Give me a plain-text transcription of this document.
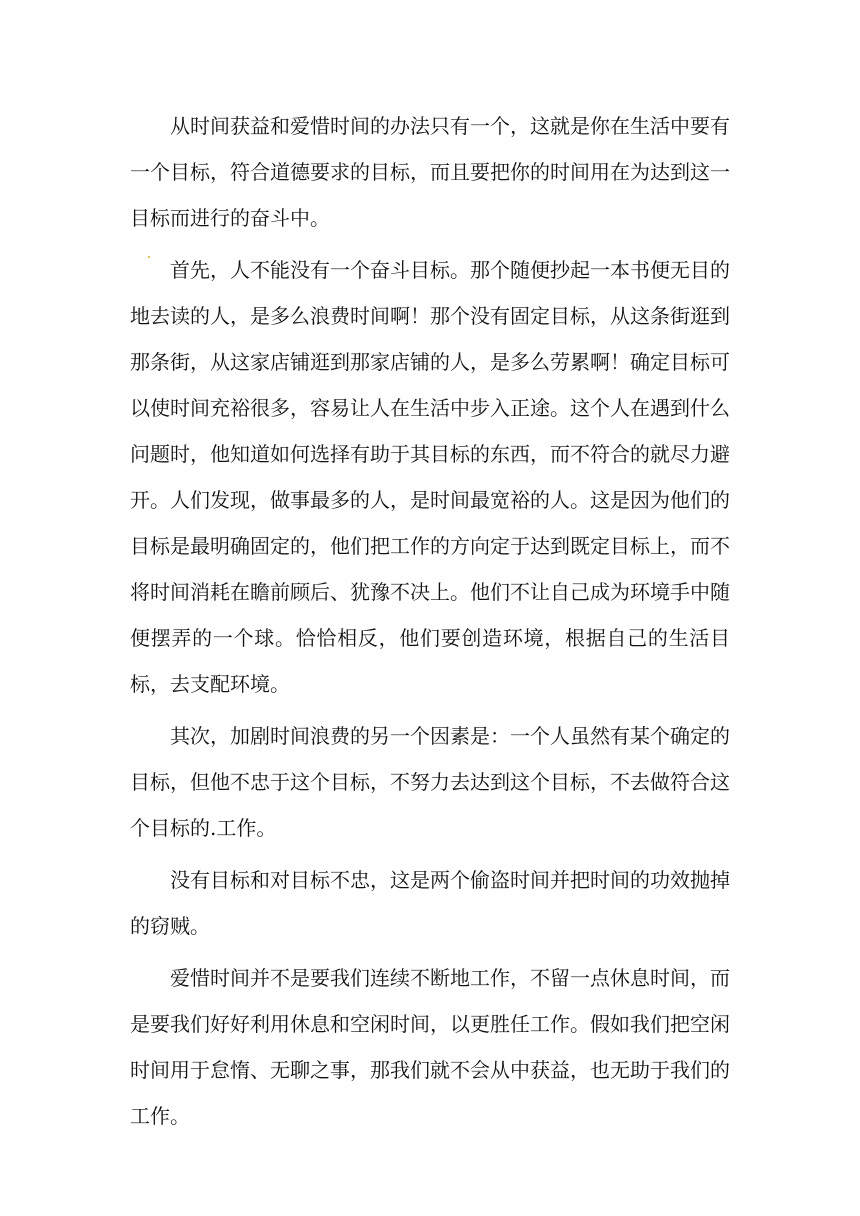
从时间获益和爱惜时间的办法只有一个，这就是你在生活中要有一个目标，符合道德要求的目标，而且要把你的时间用在为达到这一目标而进行的奋斗中。

首先，人不能没有一个奋斗目标。那个随便抄起一本书便无目的地去读的人，是多么浪费时间啊！那个没有固定目标，从这条街逛到那条街，从这家店铺逛到那家店铺的人，是多么劳累啊！确定目标可以使时间充裕很多，容易让人在生活中步入正途。这个人在遇到什么问题时，他知道如何选择有助于其目标的东西，而不符合的就尽力避开。人们发现，做事最多的人，是时间最宽裕的人。这是因为他们的目标是最明确固定的，他们把工作的方向定于达到既定目标上，而不将时间消耗在瞻前顾后、犹豫不决上。他们不让自己成为环境手中随便摆弄的一个球。恰恰相反，他们要创造环境，根据自己的生活目标，去支配环境。

其次，加剧时间浪费的另一个因素是：一个人虽然有某个确定的目标，但他不忠于这个目标，不努力去达到这个目标，不去做符合这个目标的.工作。

没有目标和对目标不忠，这是两个偷盗时间并把时间的功效抛掉的窃贼。

爱惜时间并不是要我们连续不断地工作，不留一点休息时间，而是要我们好好利用休息和空闲时间，以更胜任工作。假如我们把空闲时间用于怠惰、无聊之事，那我们就不会从中获益，也无助于我们的工作。
